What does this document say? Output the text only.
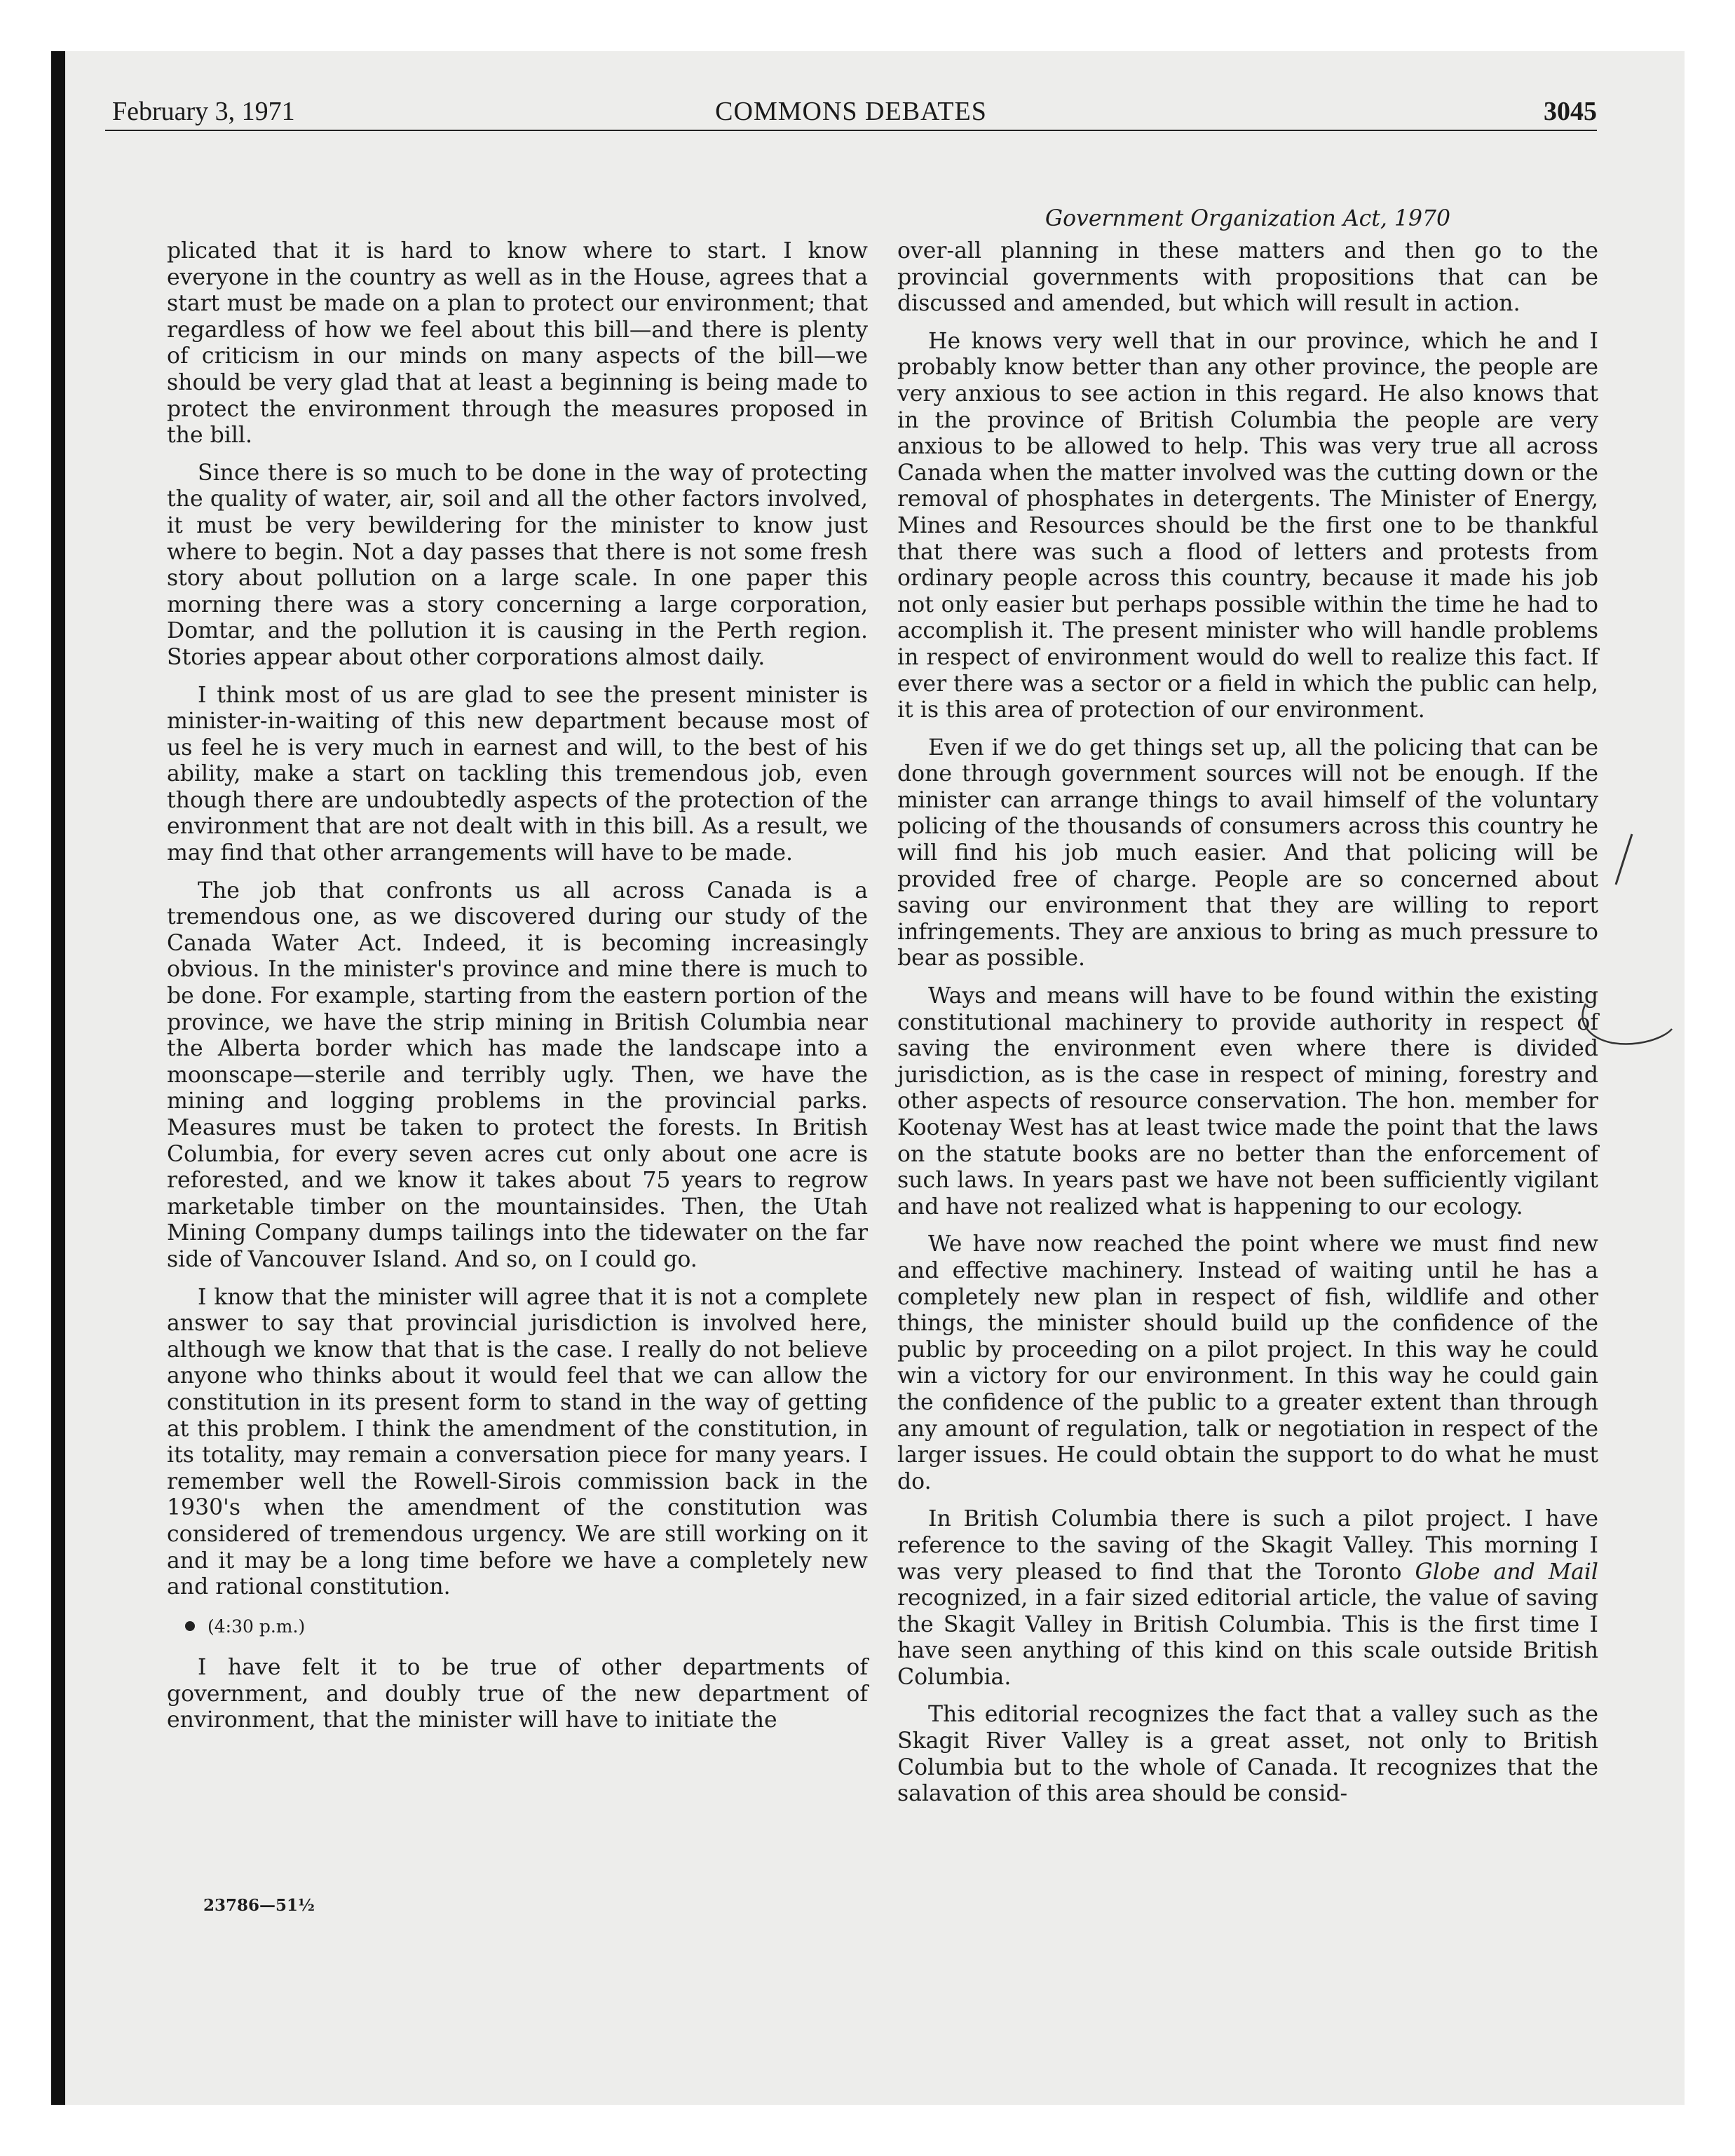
February 3, 1971	COMMONS DEBATES	3045
Government Organization Act, 1970

plicated that it is hard to know where to start. I know everyone in the country as well as in the House, agrees that a start must be made on a plan to protect our environment; that regardless of how we feel about this bill—and there is plenty of criticism in our minds on many aspects of the bill—we should be very glad that at least a beginning is being made to protect the environment through the measures proposed in the bill.

Since there is so much to be done in the way of protecting the quality of water, air, soil and all the other factors involved, it must be very bewildering for the minister to know just where to begin. Not a day passes that there is not some fresh story about pollution on a large scale. In one paper this morning there was a story concerning a large corporation, Domtar, and the pollution it is causing in the Perth region. Stories appear about other corporations almost daily.

I think most of us are glad to see the present minister is minister-in-waiting of this new department because most of us feel he is very much in earnest and will, to the best of his ability, make a start on tackling this tremendous job, even though there are undoubtedly aspects of the protection of the environment that are not dealt with in this bill. As a result, we may find that other arrangements will have to be made.

The job that confronts us all across Canada is a tremendous one, as we discovered during our study of the Canada Water Act. Indeed, it is becoming increasingly obvious. In the minister's province and mine there is much to be done. For example, starting from the eastern portion of the province, we have the strip mining in British Columbia near the Alberta border which has made the landscape into a moonscape—sterile and terribly ugly. Then, we have the mining and logging problems in the provincial parks. Measures must be taken to protect the forests. In British Columbia, for every seven acres cut only about one acre is reforested, and we know it takes about 75 years to regrow marketable timber on the mountainsides. Then, the Utah Mining Company dumps tailings into the tidewater on the far side of Vancouver Island. And so, on I could go.

I know that the minister will agree that it is not a complete answer to say that provincial jurisdiction is involved here, although we know that that is the case. I really do not believe anyone who thinks about it would feel that we can allow the constitution in its present form to stand in the way of getting at this problem. I think the amendment of the constitution, in its totality, may remain a conversation piece for many years. I remember well the Rowell-Sirois commission back in the 1930's when the amendment of the constitution was considered of tremendous urgency. We are still working on it and it may be a long time before we have a completely new and rational constitution.

(4:30 p.m.)

I have felt it to be true of other departments of government, and doubly true of the new department of environment, that the minister will have to initiate the

over-all planning in these matters and then go to the provincial governments with propositions that can be discussed and amended, but which will result in action.

He knows very well that in our province, which he and I probably know better than any other province, the people are very anxious to see action in this regard. He also knows that in the province of British Columbia the people are very anxious to be allowed to help. This was very true all across Canada when the matter involved was the cutting down or the removal of phosphates in detergents. The Minister of Energy, Mines and Resources should be the first one to be thankful that there was such a flood of letters and protests from ordinary people across this country, because it made his job not only easier but perhaps possible within the time he had to accomplish it. The present minister who will handle problems in respect of environment would do well to realize this fact. If ever there was a sector or a field in which the public can help, it is this area of protection of our environment.

Even if we do get things set up, all the policing that can be done through government sources will not be enough. If the minister can arrange things to avail himself of the voluntary policing of the thousands of consumers across this country he will find his job much easier. And that policing will be provided free of charge. People are so concerned about saving our environment that they are willing to report infringements. They are anxious to bring as much pressure to bear as possible.

Ways and means will have to be found within the existing constitutional machinery to provide authority in respect of saving the environment even where there is divided jurisdiction, as is the case in respect of mining, forestry and other aspects of resource conservation. The hon. member for Kootenay West has at least twice made the point that the laws on the statute books are no better than the enforcement of such laws. In years past we have not been sufficiently vigilant and have not realized what is happening to our ecology.

We have now reached the point where we must find new and effective machinery. Instead of waiting until he has a completely new plan in respect of fish, wildlife and other things, the minister should build up the confidence of the public by proceeding on a pilot project. In this way he could win a victory for our environment. In this way he could gain the confidence of the public to a greater extent than through any amount of regulation, talk or negotiation in respect of the larger issues. He could obtain the support to do what he must do.

In British Columbia there is such a pilot project. I have reference to the saving of the Skagit Valley. This morning I was very pleased to find that the Toronto Globe and Mail recognized, in a fair sized editorial article, the value of saving the Skagit Valley in British Columbia. This is the first time I have seen anything of this kind on this scale outside British Columbia.

This editorial recognizes the fact that a valley such as the Skagit River Valley is a great asset, not only to British Columbia but to the whole of Canada. It recognizes that the salavation of this area should be consid-

23786—51½
